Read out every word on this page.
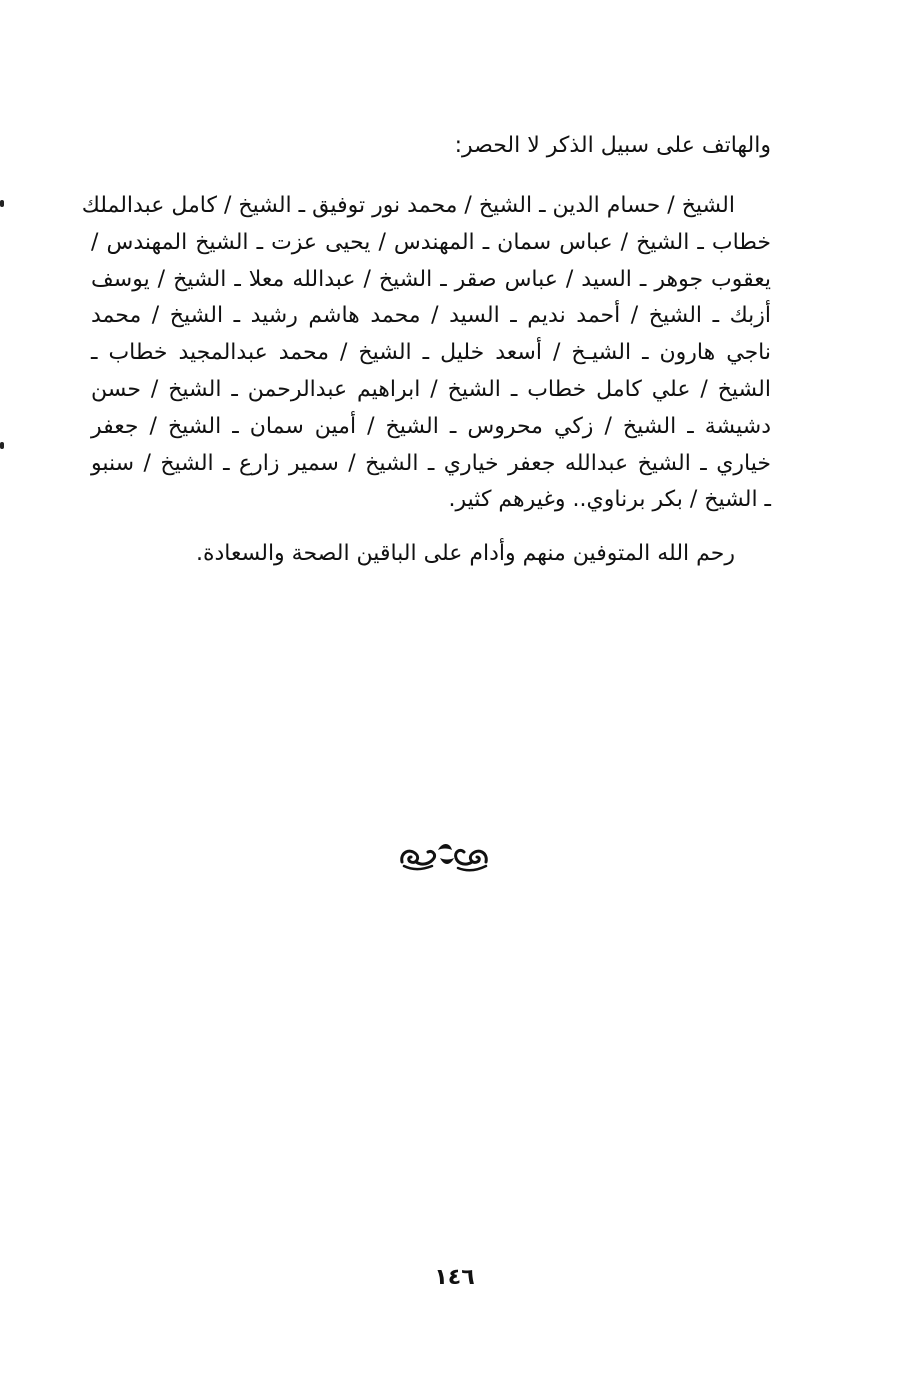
والهاتف على سبيل الذكر لا الحصر:
الشيخ / حسام الدين ـ الشيخ / محمد نور توفيق ـ الشيخ / كامل عبدالملك
خطاب ـ الشيخ / عباس سمان ـ المهندس / يحيى عزت ـ الشيخ المهندس /
يعقوب جوهر ـ السيد / عباس صقر ـ الشيخ / عبدالله معلا ـ الشيخ / يوسف
أزبك ـ الشيخ / أحمد نديم ـ السيد / محمد هاشم رشيد ـ الشيخ / محمد
ناجي هارون ـ الشيـخ / أسعد خليل ـ الشيخ / محمد عبدالمجيد خطاب ـ
الشيخ / علي كامل خطاب ـ الشيخ / ابراهيم عبدالرحمن ـ الشيخ / حسن
دشيشة ـ الشيخ / زكي محروس ـ الشيخ / أمين سمان ـ الشيخ / جعفر
خياري ـ الشيخ عبدالله جعفر خياري ـ الشيخ / سمير زارع ـ الشيخ / سنبو
ـ الشيخ / بكر برناوي.. وغيرهم كثير.
رحم الله المتوفين منهم وأدام على الباقين الصحة والسعادة.
١٤٦
